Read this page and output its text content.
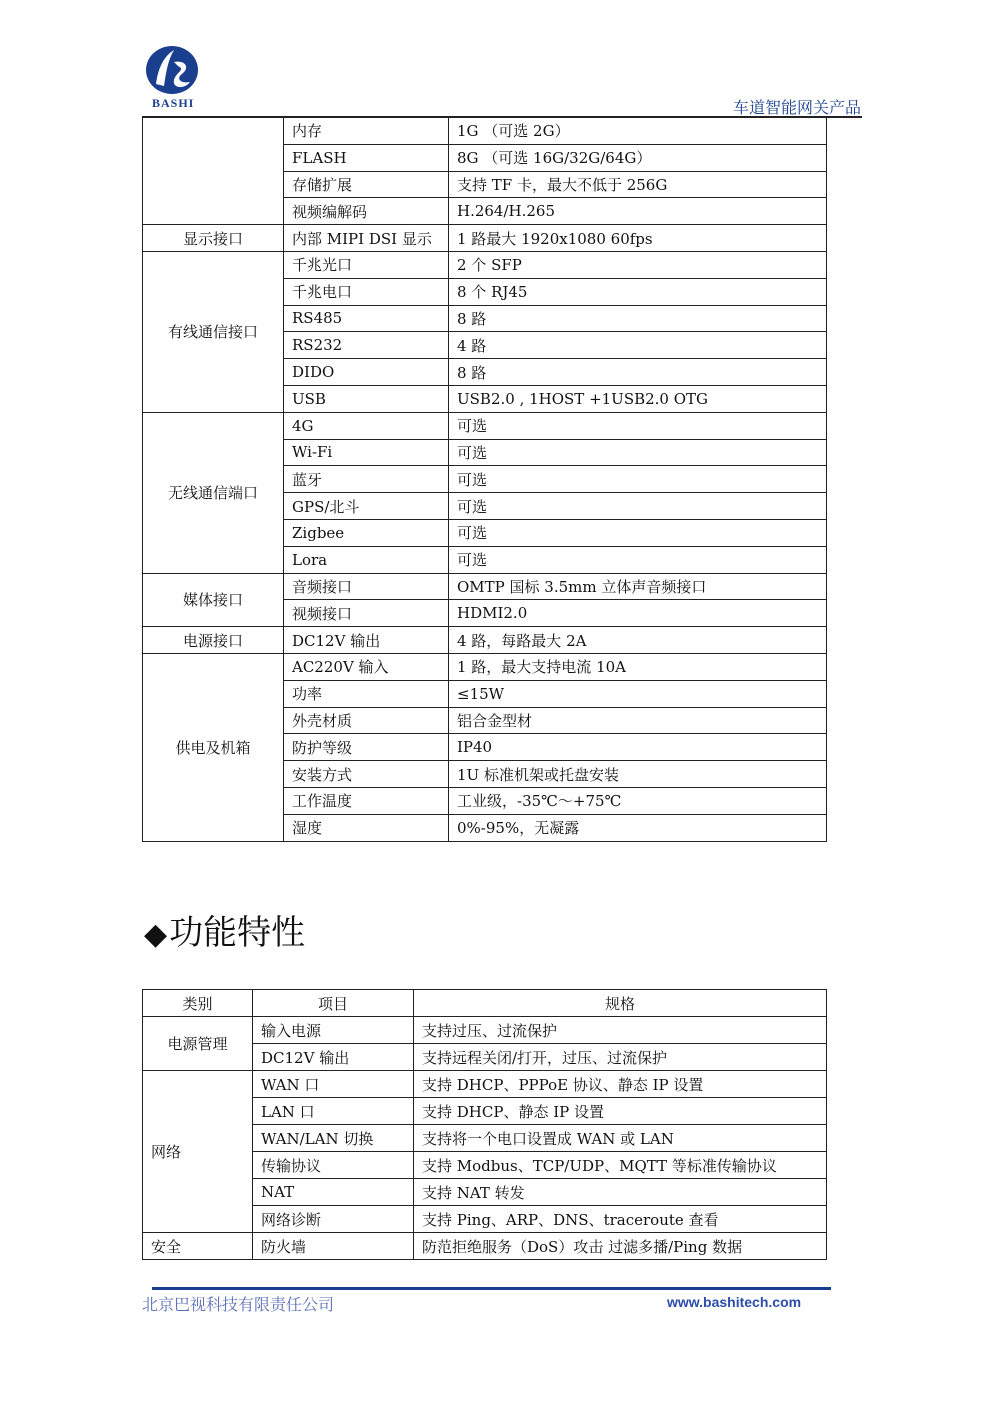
BASHI	车道智能网关产品
	内存	1G （可选 2G）
	FLASH	8G （可选 16G/32G/64G）
	存储扩展	支持 TF 卡，最大不低于 256G
	视频编解码	H.264/H.265
显示接口	内部 MIPI DSI 显示	1 路最大 1920x1080 60fps
有线通信接口	千兆光口	2 个 SFP
	千兆电口	8 个 RJ45
	RS485	8 路
	RS232	4 路
	DIDO	8 路
	USB	USB2.0 , 1HOST +1USB2.0 OTG
无线通信端口	4G	可选
	Wi-Fi	可选
	蓝牙	可选
	GPS/北斗	可选
	Zigbee	可选
	Lora	可选
媒体接口	音频接口	OMTP 国标 3.5mm 立体声音频接口
	视频接口	HDMI2.0
电源接口	DC12V 输出	4 路，每路最大 2A
供电及机箱	AC220V 输入	1 路，最大支持电流 10A
	功率	≤15W
	外壳材质	铝合金型材
	防护等级	IP40
	安装方式	1U 标准机架或托盘安装
	工作温度	工业级，-35℃～+75℃
	湿度	0%-95%，无凝露
◆功能特性
类别	项目	规格
电源管理	输入电源	支持过压、过流保护
	DC12V 输出	支持远程关闭/打开，过压、过流保护
网络	WAN 口	支持 DHCP、PPPoE 协议、静态 IP 设置
	LAN 口	支持 DHCP、静态 IP 设置
	WAN/LAN 切换	支持将一个电口设置成 WAN 或 LAN
	传输协议	支持 Modbus、TCP/UDP、MQTT 等标准传输协议
	NAT	支持 NAT 转发
	网络诊断	支持 Ping、ARP、DNS、traceroute 查看
安全	防火墙	防范拒绝服务（DoS）攻击 过滤多播/Ping 数据
北京巴视科技有限责任公司	www.bashitech.com
